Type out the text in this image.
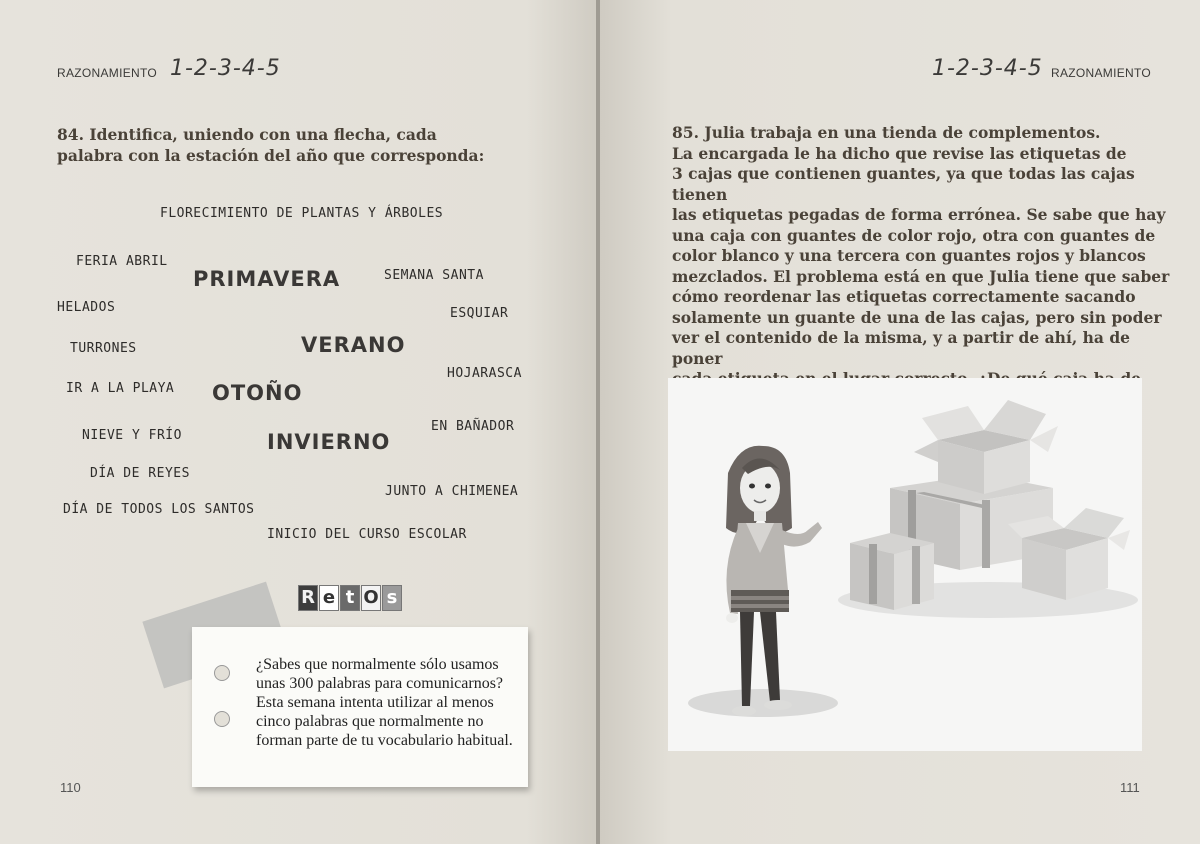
RAZONAMIENTO 1-2-3-4-5
84. Identifica, uniendo con una flecha, cada palabra con la estación del año que corresponda:
FLORECIMIENTO DE PLANTAS Y ÁRBOLES
FERIA ABRIL
SEMANA SANTA
HELADOS	ESQUIAR
TURRONES
HOJARASCA
IR A LA PLAYA
NIEVE Y FRÍO
EN BAÑADOR
DÍA DE REYES
JUNTO A CHIMENEA
DÍA DE TODOS LOS SANTOS
INICIO DEL CURSO ESCOLAR
PRIMAVERA
VERANO
OTOÑO
INVIERNO
R e t O s
¿Sabes que normalmente sólo usamos unas 300 palabras para comunicarnos? Esta semana intenta utilizar al menos cinco palabras que normalmente no forman parte de tu vocabulario habitual.
110
1-2-3-4-5 RAZONAMIENTO
85. Julia trabaja en una tienda de complementos.
La encargada le ha dicho que revise las etiquetas de
3 cajas que contienen guantes, ya que todas las cajas tienen
las etiquetas pegadas de forma errónea. Se sabe que hay
una caja con guantes de color rojo, otra con guantes de
color blanco y una tercera con guantes rojos y blancos
mezclados. El problema está en que Julia tiene que saber
cómo reordenar las etiquetas correctamente sacando
solamente un guante de una de las cajas, pero sin poder
ver el contenido de la misma, y a partir de ahí, ha de poner
111
